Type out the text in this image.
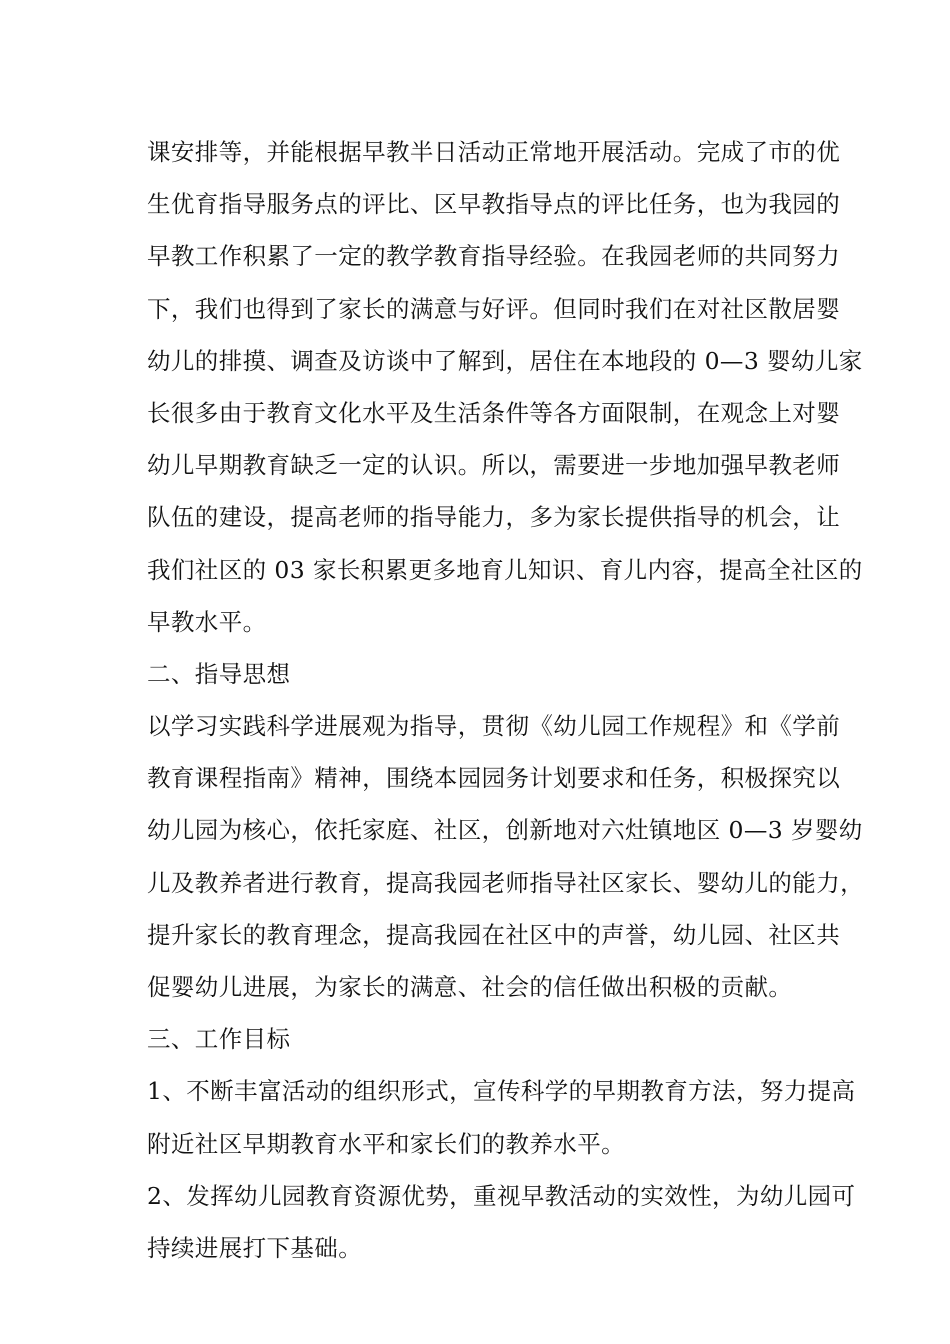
课安排等，并能根据早教半日活动正常地开展活动。完成了市的优
生优育指导服务点的评比、区早教指导点的评比任务，也为我园的
早教工作积累了一定的教学教育指导经验。在我园老师的共同努力
下，我们也得到了家长的满意与好评。但同时我们在对社区散居婴
幼儿的排摸、调查及访谈中了解到，居住在本地段的 0—3 婴幼儿家
长很多由于教育文化水平及生活条件等各方面限制，在观念上对婴
幼儿早期教育缺乏一定的认识。所以，需要进一步地加强早教老师
队伍的建设，提高老师的指导能力，多为家长提供指导的机会，让
我们社区的 03 家长积累更多地育儿知识、育儿内容，提高全社区的
早教水平。
二、指导思想
以学习实践科学进展观为指导，贯彻《幼儿园工作规程》和《学前
教育课程指南》精神，围绕本园园务计划要求和任务，积极探究以
幼儿园为核心，依托家庭、社区，创新地对六灶镇地区 0—3 岁婴幼
儿及教养者进行教育，提高我园老师指导社区家长、婴幼儿的能力，
提升家长的教育理念，提高我园在社区中的声誉，幼儿园、社区共
促婴幼儿进展，为家长的满意、社会的信任做出积极的贡献。
三、工作目标
1、不断丰富活动的组织形式，宣传科学的早期教育方法，努力提高
附近社区早期教育水平和家长们的教养水平。
2、发挥幼儿园教育资源优势，重视早教活动的实效性，为幼儿园可
持续进展打下基础。
